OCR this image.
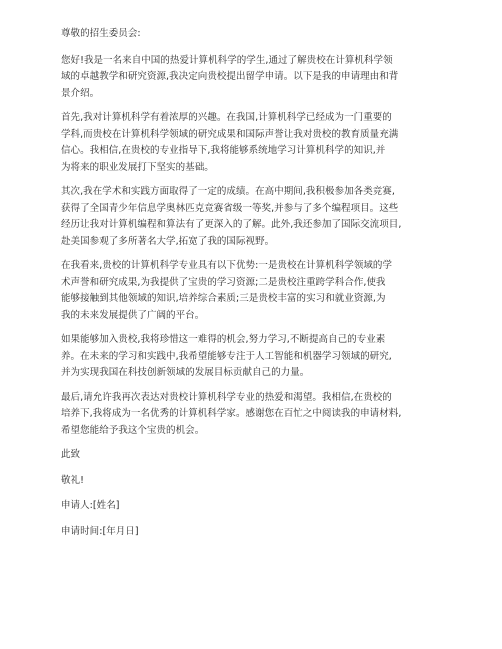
尊敬的招生委员会:
您好!我是一名来自中国的热爱计算机科学的学生,通过了解贵校在计算机科学领
域的卓越教学和研究资源,我决定向贵校提出留学申请。以下是我的申请理由和背
景介绍。
首先,我对计算机科学有着浓厚的兴趣。在我国,计算机科学已经成为一门重要的
学科,而贵校在计算机科学领域的研究成果和国际声誉让我对贵校的教育质量充满
信心。我相信,在贵校的专业指导下,我将能够系统地学习计算机科学的知识,并
为将来的职业发展打下坚实的基础。
其次,我在学术和实践方面取得了一定的成绩。在高中期间,我积极参加各类竞赛,
获得了全国青少年信息学奥林匹克竞赛省级一等奖,并参与了多个编程项目。这些
经历让我对计算机编程和算法有了更深入的了解。此外,我还参加了国际交流项目,
赴美国参观了多所著名大学,拓宽了我的国际视野。
在我看来,贵校的计算机科学专业具有以下优势:一是贵校在计算机科学领域的学
术声誉和研究成果,为我提供了宝贵的学习资源;二是贵校注重跨学科合作,使我
能够接触到其他领域的知识,培养综合素质;三是贵校丰富的实习和就业资源,为
我的未来发展提供了广阔的平台。
如果能够加入贵校,我将珍惜这一难得的机会,努力学习,不断提高自己的专业素
养。在未来的学习和实践中,我希望能够专注于人工智能和机器学习领域的研究,
并为实现我国在科技创新领域的发展目标贡献自己的力量。
最后,请允许我再次表达对贵校计算机科学专业的热爱和渴望。我相信,在贵校的
培养下,我将成为一名优秀的计算机科学家。感谢您在百忙之中阅读我的申请材料,
希望您能给予我这个宝贵的机会。
此致
敬礼!
申请人:[姓名]
申请时间:[年月日]
